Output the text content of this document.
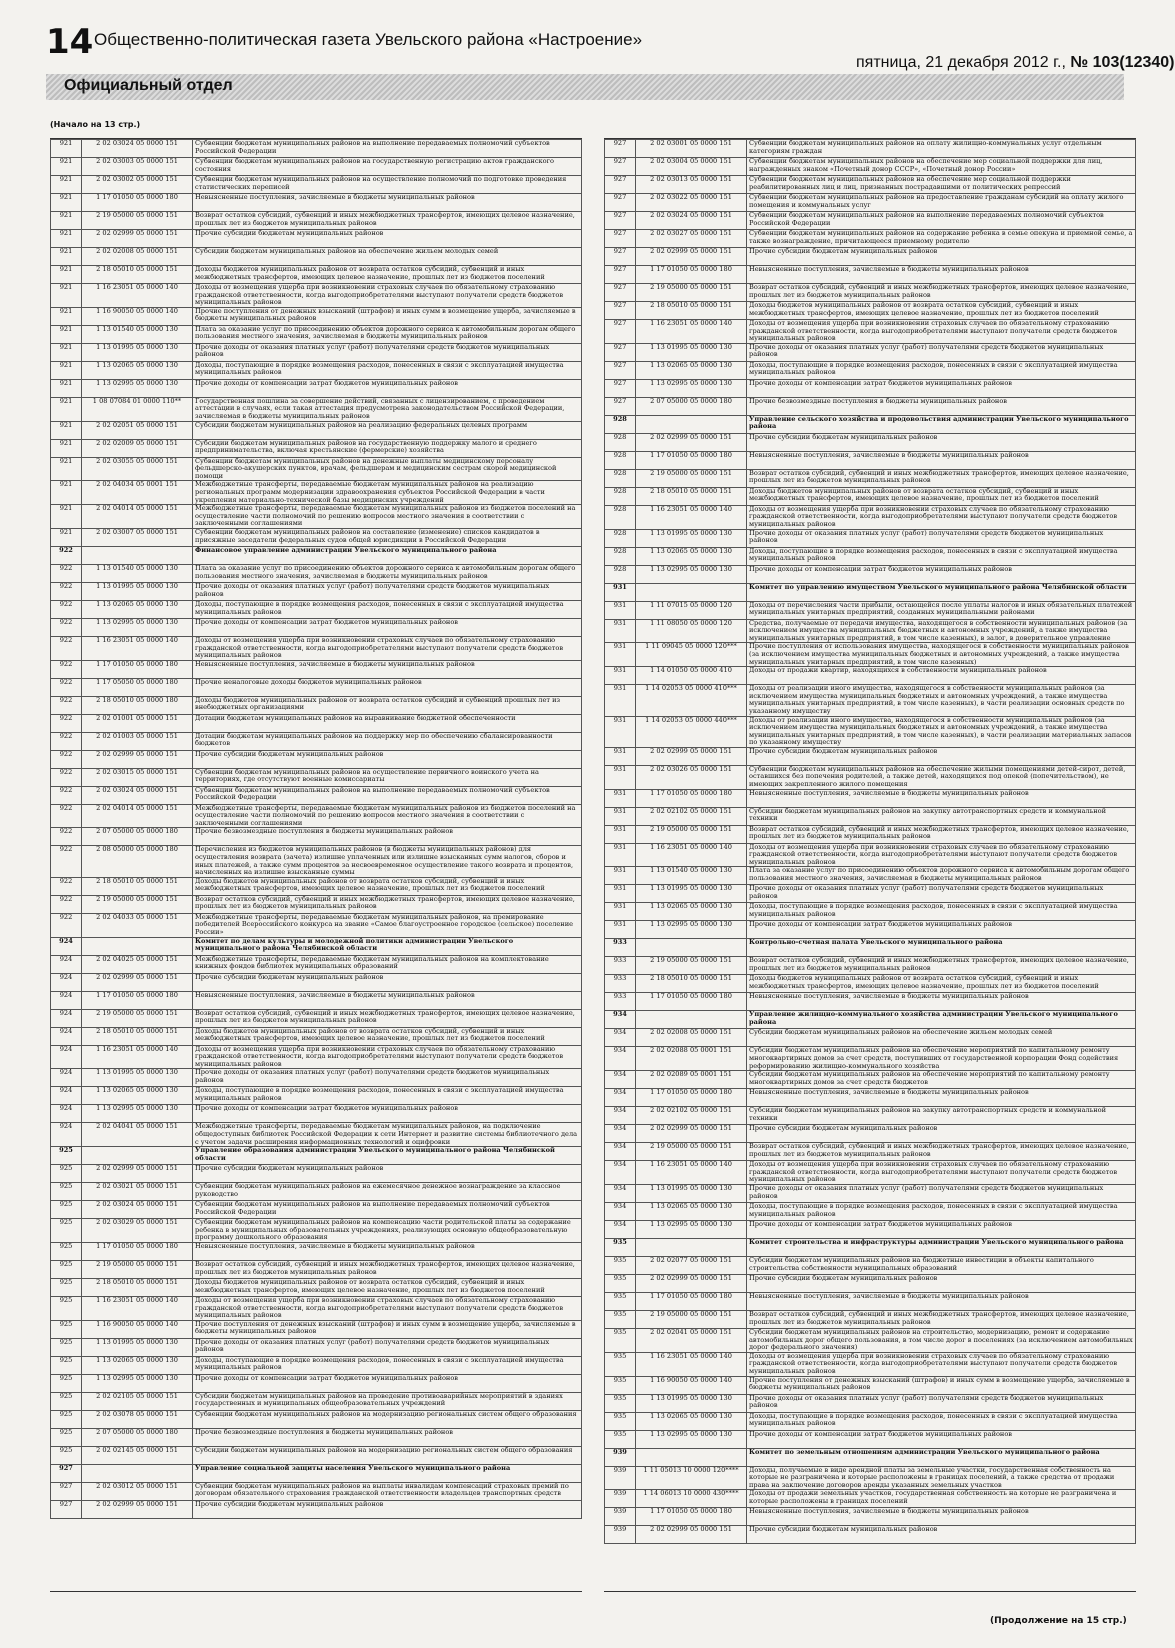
14 Общественно-политическая газета Увельского района «Настроение»
пятница, 21 декабря 2012 г., № 103(12340)
Официальный отдел
(Начало на 13 стр.)
921	2 02 03024 05 0000 151	Субвенции бюджетам муниципальных районов на выполнение передаваемых полномочий субъектов Российской Федерации
921	2 02 03003 05 0000 151	Субвенции бюджетам муниципальных районов на государственную регистрацию актов гражданского состояния
921	2 02 03002 05 0000 151	Субвенции бюджетам муниципальных районов на осуществление полномочий по подготовке проведения статистических переписей
921	1 17 01050 05 0000 180	Невыясненные поступления, зачисляемые в бюджеты муниципальных районов
921	2 19 05000 05 0000 151	Возврат остатков субсидий, субвенций и иных межбюджетных трансфертов, имеющих целевое назначение, прошлых лет из бюджетов муниципальных районов
921	2 02 02999 05 0000 151	Прочие субсидии бюджетам муниципальных районов
921	2 02 02008 05 0000 151	Субсидии бюджетам муниципальных районов на обеспечение жильем молодых семей
921	2 18 05010 05 0000 151	Доходы бюджетов муниципальных районов от возврата остатков субсидий, субвенций и иных межбюджетных трансфертов, имеющих целевое назначение, прошлых лет из бюджетов поселений
921	1 16 23051 05 0000 140	Доходы от возмещения ущерба при возникновении страховых случаев по обязательному страхованию гражданской ответственности, когда выгодоприобретателями выступают получатели средств бюджетов муниципальных районов
921	1 16 90050 05 0000 140	Прочие поступления от денежных взысканий (штрафов) и иных сумм в возмещение ущерба, зачисляемые в бюджеты муниципальных районов
921	1 13 01540 05 0000 130	Плата за оказание услуг по присоединению объектов дорожного сервиса к автомобильным дорогам общего пользования местного значения, зачисляемая в бюджеты муниципальных районов
921	1 13 01995 05 0000 130	Прочие доходы от оказания платных услуг (работ) получателями средств бюджетов муниципальных районов
921	1 13 02065 05 0000 130	Доходы, поступающие в порядке возмещения расходов, понесенных в связи с эксплуатацией имущества муниципальных районов
921	1 13 02995 05 0000 130	Прочие доходы от компенсации затрат бюджетов муниципальных районов
921	1 08 07084 01 0000 110**	Государственная пошлина за совершение действий, связанных с лицензированием, с проведением аттестации в случаях, если такая аттестация предусмотрена законодательством Российской Федерации, зачисляемая в бюджеты муниципальных районов
921	2 02 02051 05 0000 151	Субсидии бюджетам муниципальных районов на реализацию федеральных целевых программ
921	2 02 02009 05 0000 151	Субсидии бюджетам муниципальных районов на государственную поддержку малого и среднего предпринимательства, включая крестьянские (фермерские) хозяйства
921	2 02 03055 05 0000 151	Субвенции бюджетам муниципальных районов на денежные выплаты медицинскому персоналу фельдшерско-акушерских пунктов, врачам, фельдшерам и медицинским сестрам скорой медицинской помощи
921	2 02 04034 05 0001 151	Межбюджетные трансферты, передаваемые бюджетам муниципальных районов на реализацию региональных программ модернизации здравоохранения субъектов Российской Федерации в части укрепления материально-технической базы медицинских учреждений
921	2 02 04014 05 0000 151	Межбюджетные трансферты, передаваемые бюджетам муниципальных районов из бюджетов поселений на осуществление части полномочий по решению вопросов местного значения в соответствии с заключенными соглашениями
921	2 02 03007 05 0000 151	Субвенции бюджетам муниципальных районов на составление (изменение) списков кандидатов в присяжные заседатели федеральных судов общей юрисдикции в Российской Федерации
922		Финансовое управление администрации Увельского муниципального района
922	1 13 01540 05 0000 130	Плата за оказание услуг по присоединению объектов дорожного сервиса к автомобильным дорогам общего пользования местного значения, зачисляемая в бюджеты муниципальных районов
922	1 13 01995 05 0000 130	Прочие доходы от оказания платных услуг (работ) получателями средств бюджетов муниципальных районов
922	1 13 02065 05 0000 130	Доходы, поступающие в порядке возмещения расходов, понесенных в связи с эксплуатацией имущества муниципальных районов
922	1 13 02995 05 0000 130	Прочие доходы от компенсации затрат бюджетов муниципальных районов
922	1 16 23051 05 0000 140	Доходы от возмещения ущерба при возникновении страховых случаев по обязательному страхованию гражданской ответственности, когда выгодоприобретателями выступают получатели средств бюджетов муниципальных районов
922	1 17 01050 05 0000 180	Невыясненные поступления, зачисляемые в бюджеты муниципальных районов
922	1 17 05050 05 0000 180	Прочие неналоговые доходы бюджетов муниципальных районов
922	2 18 05010 05 0000 180	Доходы бюджетов муниципальных районов от возврата остатков субсидий и субвенций прошлых лет из внебюджетных организациями
922	2 02 01001 05 0000 151	Дотации бюджетам муниципальных районов на выравнивание бюджетной обеспеченности
922	2 02 01003 05 0000 151	Дотации бюджетам муниципальных районов на поддержку мер по обеспечению сбалансированности бюджетов
922	2 02 02999 05 0000 151	Прочие субсидии бюджетам муниципальных районов
922	2 02 03015 05 0000 151	Субвенции бюджетам муниципальных районов на осуществление первичного воинского учета на территориях, где отсутствуют военные комиссариаты
922	2 02 03024 05 0000 151	Субвенции бюджетам муниципальных районов на выполнение передаваемых полномочий субъектов Российской Федерации
922	2 02 04014 05 0000 151	Межбюджетные трансферты, передаваемые бюджетам муниципальных районов из бюджетов поселений на осуществление части полномочий по решению вопросов местного значения в соответствии с заключенными соглашениями
922	2 07 05000 05 0000 180	Прочие безвозмездные поступления в бюджеты муниципальных районов
922	2 08 05000 05 0000 180	Перечисления из бюджетов муниципальных районов (в бюджеты муниципальных районов) для осуществления возврата (зачета) излишне уплаченных или излишне взысканных сумм налогов, сборов и иных платежей, а также сумм процентов за несвоевременное осуществление такого возврата и процентов, начисленных на излишне взысканные суммы
922	2 18 05010 05 0000 151	Доходы бюджетов муниципальных районов от возврата остатков субсидий, субвенций и иных межбюджетных трансфертов, имеющих целевое назначение, прошлых лет из бюджетов поселений
922	2 19 05000 05 0000 151	Возврат остатков субсидий, субвенций и иных межбюджетных трансфертов, имеющих целевое назначение, прошлых лет из бюджетов муниципальных районов
922	2 02 04033 05 0000 151	Межбюджетные трансферты, передаваемые бюджетам муниципальных районов, на премирование победителей Всероссийского конкурса на звание «Самое благоустроенное городское (сельское) поселение России»
924		Комитет по делам культуры и молодежной политики администрации Увельского муниципального района Челябинской области
924	2 02 04025 05 0000 151	Межбюджетные трансферты, передаваемые бюджетам муниципальных районов на комплектование книжных фондов библиотек муниципальных образований
924	2 02 02999 05 0000 151	Прочие субсидии бюджетам муниципальных районов
924	1 17 01050 05 0000 180	Невыясненные поступления, зачисляемые в бюджеты муниципальных районов
924	2 19 05000 05 0000 151	Возврат остатков субсидий, субвенций и иных межбюджетных трансфертов, имеющих целевое назначение, прошлых лет из бюджетов муниципальных районов
924	2 18 05010 05 0000 151	Доходы бюджетов муниципальных районов от возврата остатков субсидий, субвенций и иных межбюджетных трансфертов, имеющих целевое назначение, прошлых лет из бюджетов поселений
924	1 16 23051 05 0000 140	Доходы от возмещения ущерба при возникновении страховых случаев по обязательному страхованию гражданской ответственности, когда выгодоприобретателями выступают получатели средств бюджетов муниципальных районов
924	1 13 01995 05 0000 130	Прочие доходы от оказания платных услуг (работ) получателями средств бюджетов муниципальных районов
924	1 13 02065 05 0000 130	Доходы, поступающие в порядке возмещения расходов, понесенных в связи с эксплуатацией имущества муниципальных районов
924	1 13 02995 05 0000 130	Прочие доходы от компенсации затрат бюджетов муниципальных районов
924	2 02 04041 05 0000 151	Межбюджетные трансферты, передаваемые бюджетам муниципальных районов, на подключение общедоступных библиотек Российской Федерации к сети Интернет и развитие системы библиотечного дела с учетом задачи расширения информационных технологий и оцифровки
925		Управление образования администрации Увельского муниципального района Челябинской области
925	2 02 02999 05 0000 151	Прочие субсидии бюджетам муниципальных районов
925	2 02 03021 05 0000 151	Субвенции бюджетам муниципальных районов на ежемесячное денежное вознаграждение за классное руководство
925	2 02 03024 05 0000 151	Субвенции бюджетам муниципальных районов на выполнение передаваемых полномочий субъектов Российской Федерации
925	2 02 03029 05 0000 151	Субвенции бюджетам муниципальных районов на компенсацию части родительской платы за содержание ребенка в муниципальных образовательных учреждениях, реализующих основную общеобразовательную программу дошкольного образования
925	1 17 01050 05 0000 180	Невыясненные поступления, зачисляемые в бюджеты муниципальных районов
925	2 19 05000 05 0000 151	Возврат остатков субсидий, субвенций и иных межбюджетных трансфертов, имеющих целевое назначение, прошлых лет из бюджетов муниципальных районов
925	2 18 05010 05 0000 151	Доходы бюджетов муниципальных районов от возврата остатков субсидий, субвенций и иных межбюджетных трансфертов, имеющих целевое назначение, прошлых лет из бюджетов поселений
925	1 16 23051 05 0000 140	Доходы от возмещения ущерба при возникновении страховых случаев по обязательному страхованию гражданской ответственности, когда выгодоприобретателями выступают получатели средств бюджетов муниципальных районов
925	1 16 90050 05 0000 140	Прочие поступления от денежных взысканий (штрафов) и иных сумм в возмещение ущерба, зачисляемые в бюджеты муниципальных районов
925	1 13 01995 05 0000 130	Прочие доходы от оказания платных услуг (работ) получателями средств бюджетов муниципальных районов
925	1 13 02065 05 0000 130	Доходы, поступающие в порядке возмещения расходов, понесенных в связи с эксплуатацией имущества муниципальных районов
925	1 13 02995 05 0000 130	Прочие доходы от компенсации затрат бюджетов муниципальных районов
925	2 02 02105 05 0000 151	Субсидии бюджетам муниципальных районов на проведение противоаварийных мероприятий в зданиях государственных и муниципальных общеобразовательных учреждений
925	2 02 03078 05 0000 151	Субвенции бюджетам муниципальных районов на модернизацию региональных систем общего образования
925	2 07 05000 05 0000 180	Прочие безвозмездные поступления в бюджеты муниципальных районов
925	2 02 02145 05 0000 151	Субсидии бюджетам муниципальных районов на модернизацию региональных систем общего образования
927		Управление социальной защиты населения Увельского муниципального района
927	2 02 03012 05 0000 151	Субвенции бюджетам муниципальных районов на выплаты инвалидам компенсаций страховых премий по договорам обязательного страхования гражданской ответственности владельцев транспортных средств
927	2 02 02999 05 0000 151	Прочие субсидии бюджетам муниципальных районов
927	2 02 03001 05 0000 151	Субвенции бюджетам муниципальных районов на оплату жилищно-коммунальных услуг отдельным категориям граждан
927	2 02 03004 05 0000 151	Субвенции бюджетам муниципальных районов на обеспечение мер социальной поддержки для лиц, награжденных знаком «Почетный донор СССР», «Почетный донор России»
927	2 02 03013 05 0000 151	Субвенции бюджетам муниципальных районов на обеспечение мер социальной поддержки реабилитированных лиц и лиц, признанных пострадавшими от политических репрессий
927	2 02 03022 05 0000 151	Субвенции бюджетам муниципальных районов на предоставление гражданам субсидий на оплату жилого помещения и коммунальных услуг
927	2 02 03024 05 0000 151	Субвенции бюджетам муниципальных районов на выполнение передаваемых полномочий субъектов Российской Федерации
927	2 02 03027 05 0000 151	Субвенции бюджетам муниципальных районов на содержание ребенка в семье опекуна и приемной семье, а также вознаграждение, причитающееся приемному родителю
927	2 02 02999 05 0000 151	Прочие субсидии бюджетам муниципальных районов
927	1 17 01050 05 0000 180	Невыясненные поступления, зачисляемые в бюджеты муниципальных районов
927	2 19 05000 05 0000 151	Возврат остатков субсидий, субвенций и иных межбюджетных трансфертов, имеющих целевое назначение, прошлых лет из бюджетов муниципальных районов
927	2 18 05010 05 0000 151	Доходы бюджетов муниципальных районов от возврата остатков субсидий, субвенций и иных межбюджетных трансфертов, имеющих целевое назначение, прошлых лет из бюджетов поселений
927	1 16 23051 05 0000 140	Доходы от возмещения ущерба при возникновении страховых случаев по обязательному страхованию гражданской ответственности, когда выгодоприобретателями выступают получатели средств бюджетов муниципальных районов
927	1 13 01995 05 0000 130	Прочие доходы от оказания платных услуг (работ) получателями средств бюджетов муниципальных районов
927	1 13 02065 05 0000 130	Доходы, поступающие в порядке возмещения расходов, понесенных в связи с эксплуатацией имущества муниципальных районов
927	1 13 02995 05 0000 130	Прочие доходы от компенсации затрат бюджетов муниципальных районов
927	2 07 05000 05 0000 180	Прочие безвозмездные поступления в бюджеты муниципальных районов
928		Управление сельского хозяйства и продовольствия администрации Увельского муниципального района
928	2 02 02999 05 0000 151	Прочие субсидии бюджетам муниципальных районов
928	1 17 01050 05 0000 180	Невыясненные поступления, зачисляемые в бюджеты муниципальных районов
928	2 19 05000 05 0000 151	Возврат остатков субсидий, субвенций и иных межбюджетных трансфертов, имеющих целевое назначение, прошлых лет из бюджетов муниципальных районов
928	2 18 05010 05 0000 151	Доходы бюджетов муниципальных районов от возврата остатков субсидий, субвенций и иных межбюджетных трансфертов, имеющих целевое назначение, прошлых лет из бюджетов поселений
928	1 16 23051 05 0000 140	Доходы от возмещения ущерба при возникновении страховых случаев по обязательному страхованию гражданской ответственности, когда выгодоприобретателями выступают получатели средств бюджетов муниципальных районов
928	1 13 01995 05 0000 130	Прочие доходы от оказания платных услуг (работ) получателями средств бюджетов муниципальных районов
928	1 13 02065 05 0000 130	Доходы, поступающие в порядке возмещения расходов, понесенных в связи с эксплуатацией имущества муниципальных районов
928	1 13 02995 05 0000 130	Прочие доходы от компенсации затрат бюджетов муниципальных районов
931		Комитет по управлению имуществом Увельского муниципального района Челябинской области
931	1 11 07015 05 0000 120	Доходы от перечисления части прибыли, остающейся после уплаты налогов и иных обязательных платежей муниципальных унитарных предприятий, созданных муниципальными районами
931	1 11 08050 05 0000 120	Средства, получаемые от передачи имущества, находящегося в собственности муниципальных районов (за исключением имущества муниципальных бюджетных и автономных учреждений, а также имущества муниципальных унитарных предприятий, в том числе казенных), в залог, в доверительное управление
931	1 11 09045 05 0000 120***	Прочие поступления от использования имущества, находящегося в собственности муниципальных районов (за исключением имущества муниципальных бюджетных и автономных учреждений, а также имущества муниципальных унитарных предприятий, в том числе казенных)
931	1 14 01050 05 0000 410	Доходы от продажи квартир, находящихся в собственности муниципальных районов
931	1 14 02053 05 0000 410***	Доходы от реализации иного имущества, находящегося в собственности муниципальных районов (за исключением имущества муниципальных бюджетных и автономных учреждений, а также имущества муниципальных унитарных предприятий, в том числе казенных), в части реализации основных средств по указанному имуществу
931	1 14 02053 05 0000 440***	Доходы от реализации иного имущества, находящегося в собственности муниципальных районов (за исключением имущества муниципальных бюджетных и автономных учреждений, а также имущества муниципальных унитарных предприятий, в том числе казенных), в части реализации материальных запасов по указанному имуществу
931	2 02 02999 05 0000 151	Прочие субсидии бюджетам муниципальных районов
931	2 02 03026 05 0000 151	Субвенции бюджетам муниципальных районов на обеспечение жилыми помещениями детей-сирот, детей, оставшихся без попечения родителей, а также детей, находящихся под опекой (попечительством), не имеющих закрепленного жилого помещения
931	1 17 01050 05 0000 180	Невыясненные поступления, зачисляемые в бюджеты муниципальных районов
931	2 02 02102 05 0000 151	Субсидии бюджетам муниципальных районов на закупку автотранспортных средств и коммунальной техники
931	2 19 05000 05 0000 151	Возврат остатков субсидий, субвенций и иных межбюджетных трансфертов, имеющих целевое назначение, прошлых лет из бюджетов муниципальных районов
931	1 16 23051 05 0000 140	Доходы от возмещения ущерба при возникновении страховых случаев по обязательному страхованию гражданской ответственности, когда выгодоприобретателями выступают получатели средств бюджетов муниципальных районов
931	1 13 01540 05 0000 130	Плата за оказание услуг по присоединению объектов дорожного сервиса к автомобильным дорогам общего пользования местного значения, зачисляемая в бюджеты муниципальных районов
931	1 13 01995 05 0000 130	Прочие доходы от оказания платных услуг (работ) получателями средств бюджетов муниципальных районов
931	1 13 02065 05 0000 130	Доходы, поступающие в порядке возмещения расходов, понесенных в связи с эксплуатацией имущества муниципальных районов
931	1 13 02995 05 0000 130	Прочие доходы от компенсации затрат бюджетов муниципальных районов
933		Контрольно-счетная палата Увельского муниципального района
933	2 19 05000 05 0000 151	Возврат остатков субсидий, субвенций и иных межбюджетных трансфертов, имеющих целевое назначение, прошлых лет из бюджетов муниципальных районов
933	2 18 05010 05 0000 151	Доходы бюджетов муниципальных районов от возврата остатков субсидий, субвенций и иных межбюджетных трансфертов, имеющих целевое назначение, прошлых лет из бюджетов поселений
933	1 17 01050 05 0000 180	Невыясненные поступления, зачисляемые в бюджеты муниципальных районов
934		Управление жилищно-коммунального хозяйства администрации Увельского муниципального района
934	2 02 02008 05 0000 151	Субсидии бюджетам муниципальных районов на обеспечение жильем молодых семей
934	2 02 02088 05 0001 151	Субсидии бюджетам муниципальных районов на обеспечение мероприятий по капитальному ремонту многоквартирных домов за счет средств, поступивших от государственной корпорации Фонд содействия реформированию жилищно-коммунального хозяйства
934	2 02 02089 05 0001 151	Субсидии бюджетам муниципальных районов на обеспечение мероприятий по капитальному ремонту многоквартирных домов за счет средств бюджетов
934	1 17 01050 05 0000 180	Невыясненные поступления, зачисляемые в бюджеты муниципальных районов
934	2 02 02102 05 0000 151	Субсидии бюджетам муниципальных районов на закупку автотранспортных средств и коммунальной техники
934	2 02 02999 05 0000 151	Прочие субсидии бюджетам муниципальных районов
934	2 19 05000 05 0000 151	Возврат остатков субсидий, субвенций и иных межбюджетных трансфертов, имеющих целевое назначение, прошлых лет из бюджетов муниципальных районов
934	1 16 23051 05 0000 140	Доходы от возмещения ущерба при возникновении страховых случаев по обязательному страхованию гражданской ответственности, когда выгодоприобретателями выступают получатели средств бюджетов муниципальных районов
934	1 13 01995 05 0000 130	Прочие доходы от оказания платных услуг (работ) получателями средств бюджетов муниципальных районов
934	1 13 02065 05 0000 130	Доходы, поступающие в порядке возмещения расходов, понесенных в связи с эксплуатацией имущества муниципальных районов
934	1 13 02995 05 0000 130	Прочие доходы от компенсации затрат бюджетов муниципальных районов
935		Комитет строительства и инфраструктуры администрации Увельского муниципального района
935	2 02 02077 05 0000 151	Субсидии бюджетам муниципальных районов на бюджетные инвестиции в объекты капитального строительства собственности муниципальных образований
935	2 02 02999 05 0000 151	Прочие субсидии бюджетам муниципальных районов
935	1 17 01050 05 0000 180	Невыясненные поступления, зачисляемые в бюджеты муниципальных районов
935	2 19 05000 05 0000 151	Возврат остатков субсидий, субвенций и иных межбюджетных трансфертов, имеющих целевое назначение, прошлых лет из бюджетов муниципальных районов
935	2 02 02041 05 0000 151	Субсидии бюджетам муниципальных районов на строительство, модернизацию, ремонт и содержание автомобильных дорог общего пользования, в том числе дорог в поселениях (за исключением автомобильных дорог федерального значения)
935	1 16 23051 05 0000 140	Доходы от возмещения ущерба при возникновении страховых случаев по обязательному страхованию гражданской ответственности, когда выгодоприобретателями выступают получатели средств бюджетов муниципальных районов
935	1 16 90050 05 0000 140	Прочие поступления от денежных взысканий (штрафов) и иных сумм в возмещение ущерба, зачисляемые в бюджеты муниципальных районов
935	1 13 01995 05 0000 130	Прочие доходы от оказания платных услуг (работ) получателями средств бюджетов муниципальных районов
935	1 13 02065 05 0000 130	Доходы, поступающие в порядке возмещения расходов, понесенных в связи с эксплуатацией имущества муниципальных районов
935	1 13 02995 05 0000 130	Прочие доходы от компенсации затрат бюджетов муниципальных районов
939		Комитет по земельным отношениям администрации Увельского муниципального района
939	1 11 05013 10 0000 120****	Доходы, получаемые в виде арендной платы за земельные участки, государственная собственность на которые не разграничена и которые расположены в границах поселений, а также средства от продажи права на заключение договоров аренды указанных земельных участков
939	1 14 06013 10 0000 430****	Доходы от продажи земельных участков, государственная собственность на которые не разграничена и которые расположены в границах поселений
939	1 17 01050 05 0000 180	Невыясненные поступления, зачисляемые в бюджеты муниципальных районов
939	2 02 02999 05 0000 151	Прочие субсидии бюджетам муниципальных районов
(Продолжение на 15 стр.)
